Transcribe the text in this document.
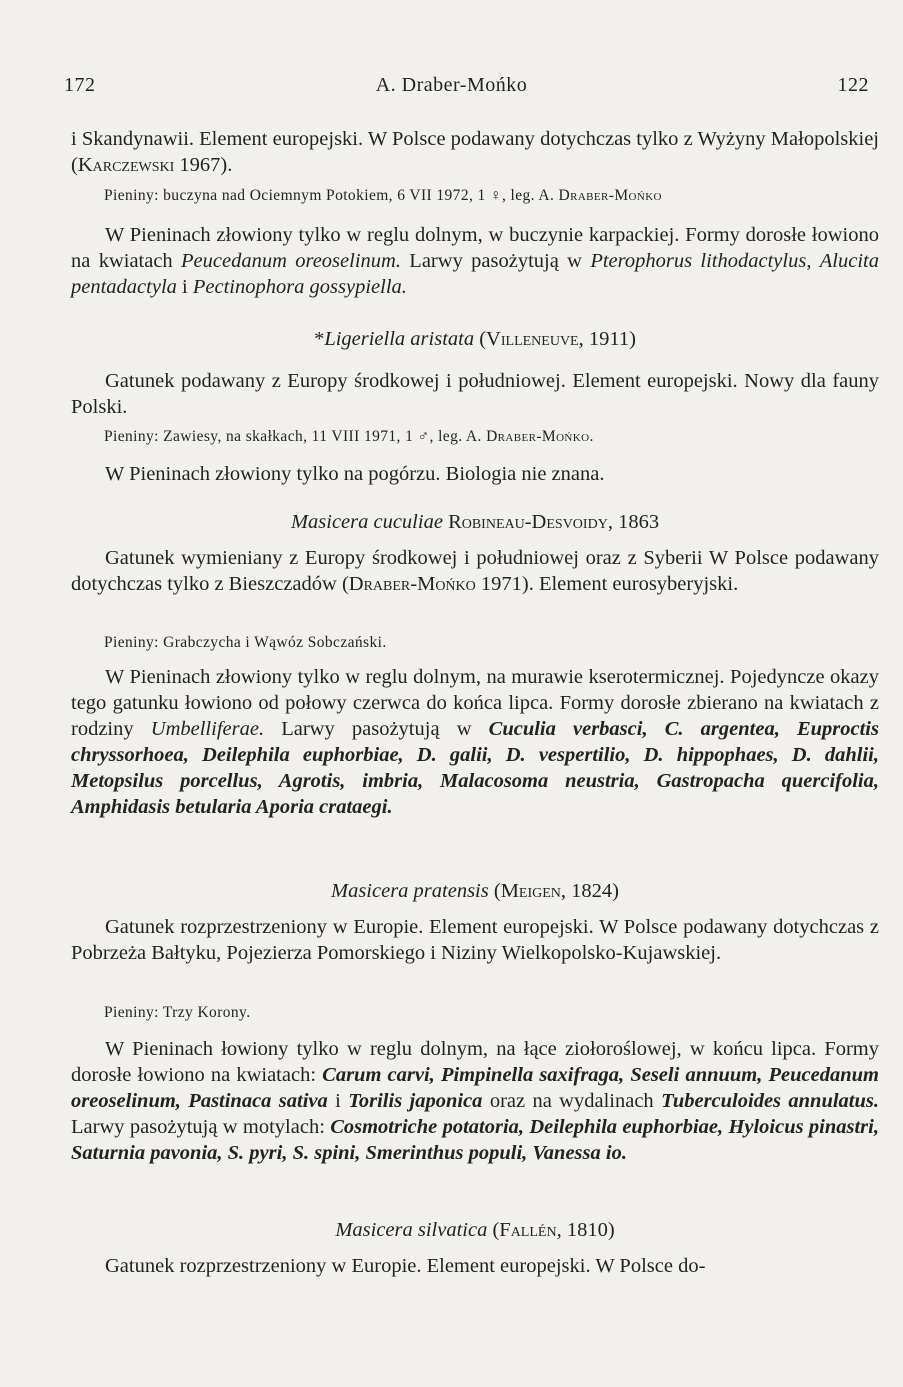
172	A. Draber-Mońko	122
i Skandynawii. Element europejski. W Polsce podawany dotychczas tylko z Wyżyny Małopolskiej (Karczewski 1967).
Pieniny: buczyna nad Ociemnym Potokiem, 6 VII 1972, 1 ♀, leg. A. Draber-Mońko
W Pieninach złowiony tylko w reglu dolnym, w buczynie karpackiej. Formy dorosłe łowiono na kwiatach Peucedanum oreoselinum. Larwy pasożytują w Pterophorus lithodactylus, Alucita pentadactyla i Pectinophora gossypiella.
*Ligeriella aristata (Villeneuve, 1911)
Gatunek podawany z Europy środkowej i południowej. Element europejski. Nowy dla fauny Polski.
Pieniny: Zawiesy, na skałkach, 11 VIII 1971, 1 ♂, leg. A. Draber-Mońko.
W Pieninach złowiony tylko na pogórzu. Biologia nie znana.
Masicera cuculiae Robineau-Desvoidy, 1863
Gatunek wymieniany z Europy środkowej i południowej oraz z Syberii W Polsce podawany dotychczas tylko z Bieszczadów (Draber-Mońko 1971). Element eurosyberyjski.
Pieniny: Grabczycha i Wąwóz Sobczański.
W Pieninach złowiony tylko w reglu dolnym, na murawie kserotermicznej. Pojedyncze okazy tego gatunku łowiono od połowy czerwca do końca lipca. Formy dorosłe zbierano na kwiatach z rodziny Umbelliferae. Larwy pasożytują w Cuculia verbasci, C. argentea, Euproctis chryssorhoea, Deilephila euphorbiae, D. galii, D. vespertilio, D. hippophaes, D. dahlii, Metopsilus porcellus, Agrotis, imbria, Malacosoma neustria, Gastropacha quercifolia, Amphidasis betularia Aporia crataegi.
Masicera pratensis (Meigen, 1824)
Gatunek rozprzestrzeniony w Europie. Element europejski. W Polsce podawany dotychczas z Pobrzeża Bałtyku, Pojezierza Pomorskiego i Niziny Wielkopolsko-Kujawskiej.
Pieniny: Trzy Korony.
W Pieninach łowiony tylko w reglu dolnym, na łące ziołoroślowej, w końcu lipca. Formy dorosłe łowiono na kwiatach: Carum carvi, Pimpinella saxifraga, Seseli annuum, Peucedanum oreoselinum, Pastinaca sativa i Torilis japonica oraz na wydalinach Tuberculoides annulatus. Larwy pasożytują w motylach: Cosmotriche potatoria, Deilephila euphorbiae, Hyloicus pinastri, Saturnia pavonia, S. pyri, S. spini, Smerinthus populi, Vanessa io.
Masicera silvatica (Fallén, 1810)
Gatunek rozprzestrzeniony w Europie. Element europejski. W Polsce do-
